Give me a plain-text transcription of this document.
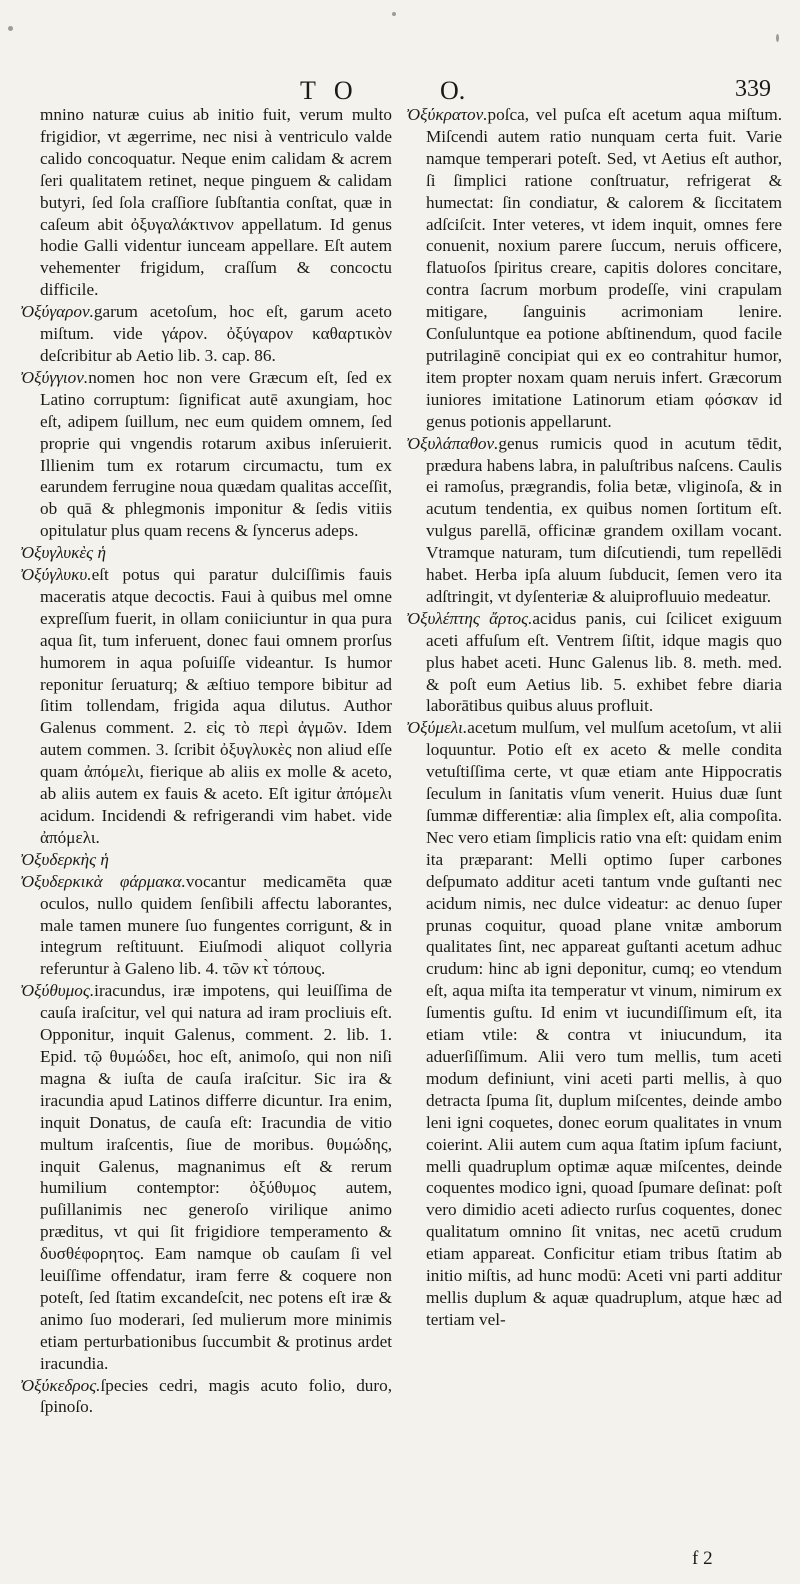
T O	O.	339

mnino naturæ cuius ab initio fuit, verum multo frigidior, vt ægerrime, nec nisi à ventriculo valde calido concoquatur. Neque enim calidam & acrem ſeri qualitatem retinet, neque pinguem & calidam butyri, ſed ſola craſſiore ſubſtantia conſtat, quæ in caſeum abit ὀξυγαλάκτινον appellatum. Id genus hodie Galli videntur iunceam appellare. Eſt autem vehementer frigidum, craſſum & concoctu difficile.

Ὀξύγαρον.garum acetoſum, hoc eſt, garum aceto miſtum. vide γάρον. ὀξύγαρον καθαρτικὸν deſcribitur ab Aetio lib. 3. cap. 86.

Ὀξύγγιον.nomen hoc non vere Græcum eſt, ſed ex Latino corruptum: ſignificat autē axungiam, hoc eſt, adipem ſuillum, nec eum quidem omnem, ſed proprie qui vngendis rotarum axibus inſeruierit. Illienim tum ex rotarum circumactu, tum ex earundem ferrugine noua quædam qualitas acceſſit, ob quā & phlegmonis imponitur & ſedis vitiis opitulatur plus quam recens & ſyncerus adeps.

Ὀξυγλυκὲς ἡ

Ὀξύγλυκυ.eſt potus qui paratur dulciſſimis fauis maceratis atque decoctis. Faui à quibus mel omne expreſſum fuerit, in ollam coniiciuntur in qua pura aqua ſit, tum inferuent, donec faui omnem prorſus humorem in aqua poſuiſſe videantur. Is humor reponitur ſeruaturq; & æſtiuo tempore bibitur ad ſitim tollendam, frigida aqua dilutus. Author Galenus comment. 2. εἰς τὸ περὶ ἀγμῶν. Idem autem commen. 3. ſcribit ὀξυγλυκὲς non aliud eſſe quam ἀπόμελι, fierique ab aliis ex molle & aceto, ab aliis autem ex fauis & aceto. Eſt igitur ἀπόμελι acidum. Incidendi & refrigerandi vim habet. vide ἀπόμελι.

Ὀξυδερκὴς ἡ

Ὀξυδερκικὰ φάρμακα.vocantur medicamēta quæ oculos, nullo quidem ſenſibili affectu laborantes, male tamen munere ſuo fungentes corrigunt, & in integrum reſtituunt. Eiuſmodi aliquot collyria referuntur à Galeno lib. 4. τῶν κτ̀ τόπους.

Ὀξύθυμος.iracundus, iræ impotens, qui leuiſſima de cauſa iraſcitur, vel qui natura ad iram procliuis eſt. Opponitur, inquit Galenus, comment. 2. lib. 1. Epid. τῷ θυμώδει, hoc eſt, animoſo, qui non niſi magna & iuſta de cauſa iraſcitur. Sic ira & iracundia apud Latinos differre dicuntur. Ira enim, inquit Donatus, de cauſa eſt: Iracundia de vitio multum iraſcentis, ſiue de moribus. θυμώδης, inquit Galenus, magnanimus eſt & rerum humilium contemptor: ὀξύθυμος autem, puſillanimis nec generoſo virilique animo præditus, vt qui ſit frigidiore temperamento & δυσθέφορητος. Eam namque ob cauſam ſi vel leuiſſime offendatur, iram ferre & coquere non poteſt, ſed ſtatim excandeſcit, nec potens eſt iræ & animo ſuo moderari, ſed mulierum more minimis etiam perturbationibus ſuccumbit & protinus ardet iracundia.

Ὀξύκεδρος.ſpecies cedri, magis acuto folio, duro, ſpinoſo.

Ὀξύκρατον.poſca, vel puſca eſt acetum aqua miſtum. Miſcendi autem ratio nunquam certa fuit. Varie namque temperari poteſt. Sed, vt Aetius eſt author, ſi ſimplici ratione conſtruatur, refrigerat & humectat: ſin condiatur, & calorem & ſiccitatem adſciſcit. Inter veteres, vt idem inquit, omnes fere conuenit, noxium parere ſuccum, neruis officere, flatuoſos ſpiritus creare, capitis dolores concitare, contra ſacrum morbum prodeſſe, vini crapulam mitigare, ſanguinis acrimoniam lenire. Conſuluntque ea potione abſtinendum, quod facile putrilaginē concipiat qui ex eo contrahitur humor, item propter noxam quam neruis infert. Græcorum iuniores imitatione Latinorum etiam φόσκαν id genus potionis appellarunt.

Ὀξυλάπαθον.genus rumicis quod in acutum tēdit, prædura habens labra, in paluſtribus naſcens. Caulis ei ramoſus, prægrandis, folia betæ, vliginoſa, & in acutum tendentia, ex quibus nomen ſortitum eſt. vulgus parellā, officinæ grandem oxillam vocant. Vtramque naturam, tum diſcutiendi, tum repellēdi habet. Herba ipſa aluum ſubducit, ſemen vero ita adſtringit, vt dyſenteriæ & aluiprofluuio medeatur.

Ὀξυλέπτης ἄρτος.acidus panis, cui ſcilicet exiguum aceti affuſum eſt. Ventrem ſiſtit, idque magis quo plus habet aceti. Hunc Galenus lib. 8. meth. med. & poſt eum Aetius lib. 5. exhibet febre diaria laborātibus quibus aluus profluit.

Ὀξύμελι.acetum mulſum, vel mulſum acetoſum, vt alii loquuntur. Potio eſt ex aceto & melle condita vetuſtiſſima certe, vt quæ etiam ante Hippocratis ſeculum in ſanitatis vſum venerit. Huius duæ ſunt ſummæ differentiæ: alia ſimplex eſt, alia compoſita. Nec vero etiam ſimplicis ratio vna eſt: quidam enim ita præparant: Melli optimo ſuper carbones deſpumato additur aceti tantum vnde guſtanti nec acidum nimis, nec dulce videatur: ac denuo ſuper prunas coquitur, quoad plane vnitæ amborum qualitates ſint, nec appareat guſtanti acetum adhuc crudum: hinc ab igni deponitur, cumq; eo vtendum eſt, aqua miſta ita temperatur vt vinum, nimirum ex ſumentis guſtu. Id enim vt iucundiſſimum eſt, ita etiam vtile: & contra vt iniucundum, ita aduerſiſſimum. Alii vero tum mellis, tum aceti modum definiunt, vini aceti parti mellis, à quo detracta ſpuma ſit, duplum miſcentes, deinde ambo leni igni coquetes, donec eorum qualitates in vnum coierint. Alii autem cum aqua ſtatim ipſum faciunt, melli quadruplum optimæ aquæ miſcentes, deinde coquentes modico igni, quoad ſpumare deſinat: poſt vero dimidio aceti adiecto rurſus coquentes, donec qualitatum omnino ſit vnitas, nec acetū crudum etiam appareat. Conficitur etiam tribus ſtatim ab initio miſtis, ad hunc modū: Aceti vni parti additur mellis duplum & aquæ quadruplum, atque hæc ad tertiam vel-

f 2
